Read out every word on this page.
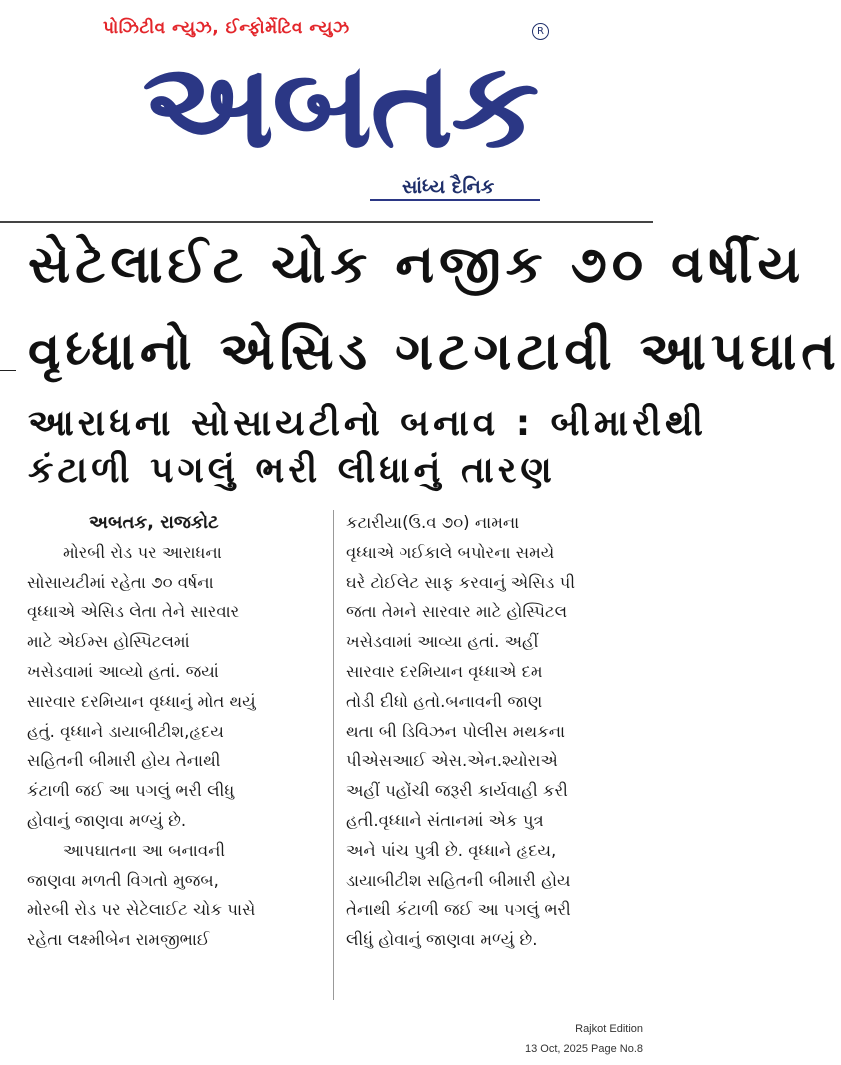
પોઝિટીવ ન્યુઝ, ઈન્ફોર્મેટિવ ન્યુઝ	R
અબતક
સાંધ્ય દૈનિક
સેટેલાઈટ ચોક નજીક ૭૦ વર્ષીય
વૃધ્ધાનો એસિડ ગટગટાવી આપઘાત
આરાધના સોસાયટીનો બનાવ : બીમારીથી
કંટાળી પગલું ભરી લીધાનું તારણ
અબતક, રાજકોટ
મોરબી રોડ પર આરાધના
સોસાયટીમાં રહેતા ૭૦ વર્ષના
વૃધ્ધાએ એસિડ લેતા તેને સારવાર
માટે એઈમ્સ હોસ્પિટલમાં
ખસેડવામાં આવ્યો હતાં. જયાં
સારવાર દરમિયાન વૃધ્ધાનું મોત થયું
હતું. વૃધ્ધાને ડાયાબીટીશ,હૃદય
સહિતની બીમારી હોય તેનાથી
કંટાળી જઈ આ પગલું ભરી લીધુ
હોવાનું જાણવા મળ્યું છે.
આપઘાતના આ બનાવની
જાણવા મળતી વિગતો મુજબ,
મોરબી રોડ પર સેટેલાઈટ ચોક પાસે
રહેતા લક્ષ્મીબેન રામજીભાઈ
કટારીયા(ઉ.વ ૭૦) નામના
વૃધ્ધાએ ગઈકાલે બપોરના સમયે
ઘરે ટોઈલેટ સાફ કરવાનું એસિડ પી
જતા તેમને સારવાર માટે હોસ્પિટલ
ખસેડવામાં આવ્યા હતાં. અહીં
સારવાર દરમિયાન વૃધ્ધાએ દમ
તોડી દીધો હતો.બનાવની જાણ
થતા બી ડિવિઝન પોલીસ મથકના
પીએસઆઈ એસ.એન.શ્યોરાએ
અહીં પહોંચી જરૂરી કાર્યવાહી કરી
હતી.વૃધ્ધાને સંતાનમાં એક પુત્ર
અને પાંચ પુત્રી છે. વૃધ્ધાને હૃદય,
ડાયાબીટીશ સહિતની બીમારી હોય
તેનાથી કંટાળી જઈ આ પગલું ભરી
લીધું હોવાનું જાણવા મળ્યું છે.
Rajkot Edition
13 Oct, 2025 Page No.8
